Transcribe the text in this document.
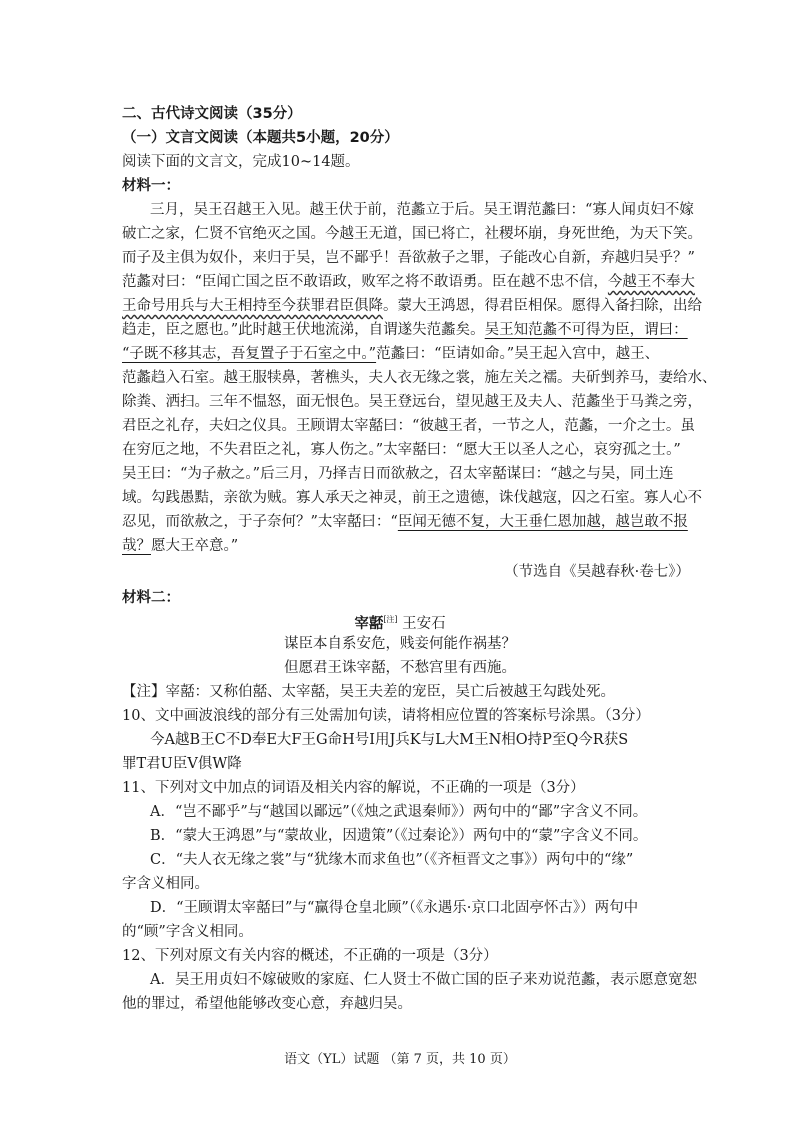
二、古代诗文阅读（35分）
（一）文言文阅读（本题共5小题，20分）
阅读下面的文言文，完成10~14题。
材料一：
三月，吴王召越王入见。越王伏于前，范蠡立于后。吴王谓范蠡曰：“寡人闻贞妇不嫁
破亡之家，仁贤不官绝灭之国。今越王无道，国已将亡，社稷坏崩，身死世绝，为天下笑。
而子及主俱为奴仆，来归于吴，岂不鄙乎！吾欲赦子之罪，子能改心自新，弃越归吴乎？”
范蠡对曰：“臣闻亡国之臣不敢语政，败军之将不敢语勇。臣在越不忠不信，今越王不奉大
王命号用兵与大王相持至今获罪君臣俱降。蒙大王鸿恩，得君臣相保。愿得入备扫除，出给
趋走，臣之愿也。”此时越王伏地流涕，自谓遂失范蠡矣。吴王知范蠡不可得为臣，谓曰：
“子既不移其志，吾复置子于石室之中。”范蠡曰：“臣请如命。”吴王起入宫中，越王、
范蠡趋入石室。越王服犊鼻，著樵头，夫人衣无缘之裳，施左关之襦。夫斫剉养马，妻给水、
除粪、洒扫。三年不愠怒，面无恨色。吴王登远台，望见越王及夫人、范蠡坐于马粪之旁，
君臣之礼存，夫妇之仪具。王顾谓太宰嚭曰：“彼越王者，一节之人，范蠡，一介之士。虽
在穷厄之地，不失君臣之礼，寡人伤之。”太宰嚭曰：“愿大王以圣人之心，哀穷孤之士。”
吴王曰：“为子赦之。”后三月，乃择吉日而欲赦之，召太宰嚭谋曰：“越之与吴，同土连
域。勾践愚黠，亲欲为贼。寡人承天之神灵，前王之遗德，诛伐越寇，囚之石室。寡人心不
忍见，而欲赦之，于子奈何？”太宰嚭曰：“臣闻无德不复，大王垂仁恩加越，越岂敢不报
哉？愿大王卒意。”
（节选自《吴越春秋·卷七》）
材料二：
宰嚭[注] 王安石
谋臣本自系安危，贱妾何能作祸基？
但愿君王诛宰嚭，不愁宫里有西施。
【注】宰嚭：又称伯嚭、太宰嚭，吴王夫差的宠臣，吴亡后被越王勾践处死。
10、文中画波浪线的部分有三处需加句读，请将相应位置的答案标号涂黑。（3分）
今A越B王C不D奉E大F王G命H号I用J兵K与L大M王N相O持P至Q今R获S
罪T君U臣V俱W降
11、下列对文中加点的词语及相关内容的解说，不正确的一项是（3分）
A．“岂不鄙乎”与“越国以鄙远”（《烛之武退秦师》）两句中的“鄙”字含义不同。
B．“蒙大王鸿恩”与“蒙故业，因遗策”（《过秦论》）两句中的“蒙”字含义不同。
C．“夫人衣无缘之裳”与“犹缘木而求鱼也”（《齐桓晋文之事》）两句中的“缘”
字含义相同。
D．“王顾谓太宰嚭曰”与“赢得仓皇北顾”（《永遇乐·京口北固亭怀古》）两句中
的“顾”字含义相同。
12、下列对原文有关内容的概述，不正确的一项是（3分）
A．吴王用贞妇不嫁破败的家庭、仁人贤士不做亡国的臣子来劝说范蠡，表示愿意宽恕
他的罪过，希望他能够改变心意，弃越归吴。
语文（YL）试题 （第 7 页，共 10 页）
